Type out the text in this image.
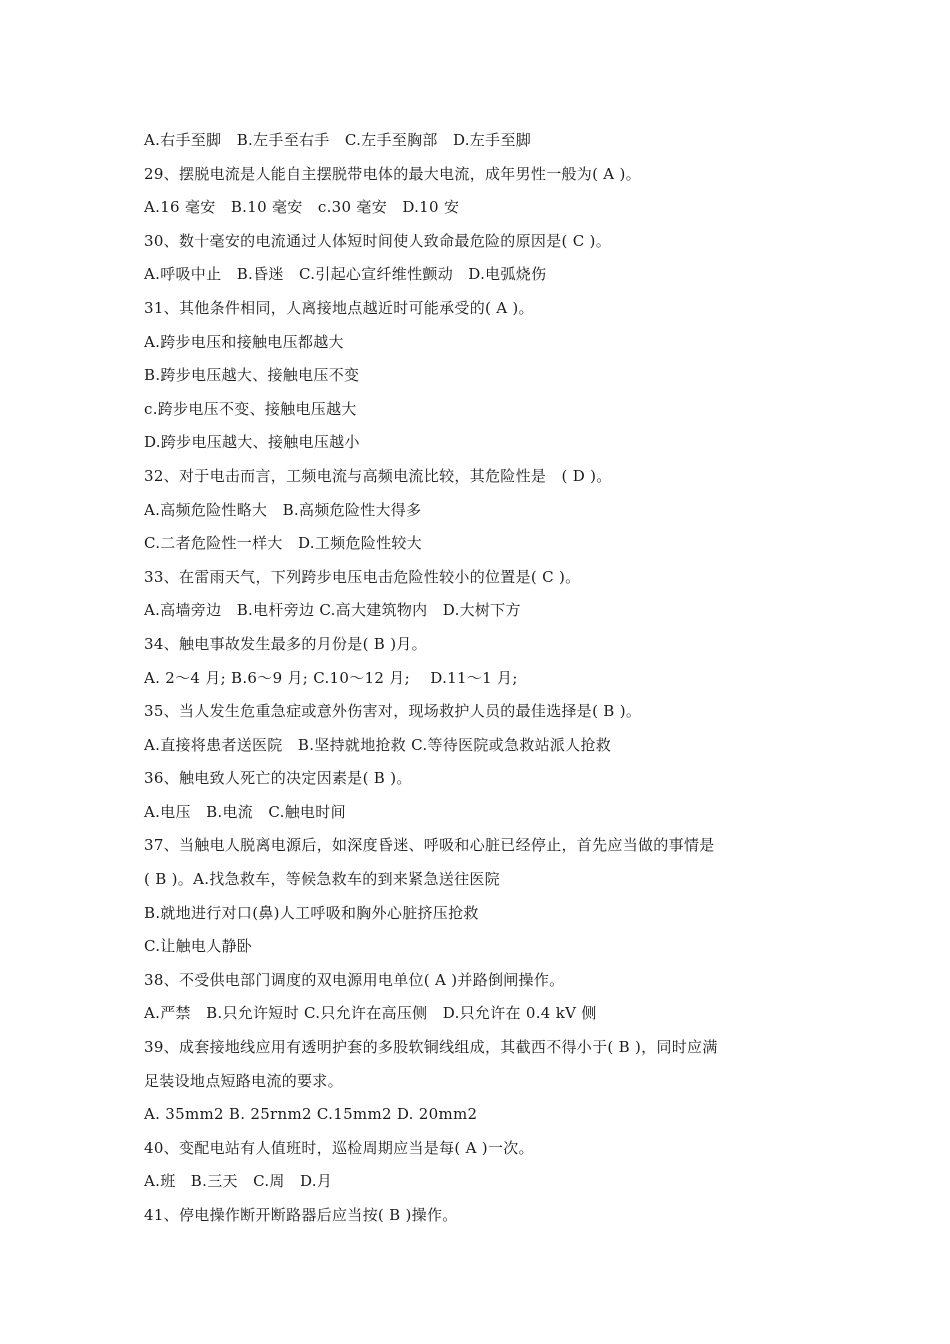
A.右手至脚　B.左手至右手　C.左手至胸部　D.左手至脚
29、摆脱电流是人能自主摆脱带电体的最大电流，成年男性一般为( A )。
A.16 毫安　B.10 毫安　c.30 毫安　D.10 安
30、数十毫安的电流通过人体短时间使人致命最危险的原因是( C )。
A.呼吸中止　B.昏迷　C.引起心宣纤维性颤动　D.电弧烧伤
31、其他条件相同，人离接地点越近时可能承受的( A )。
A.跨步电压和接触电压都越大
B.跨步电压越大、接触电压不变
c.跨步电压不变、接触电压越大
D.跨步电压越大、接触电压越小
32、对于电击而言，工频电流与高频电流比较，其危险性是　( D )。
A.高频危险性略大　B.高频危险性大得多
C.二者危险性一样大　D.工频危险性较大
33、在雷雨天气，下列跨步电压电击危险性较小的位置是( C )。
A.高墙旁边　B.电杆旁边 C.高大建筑物内　D.大树下方
34、触电事故发生最多的月份是( B )月。
A. 2～4 月; B.6～9 月; C.10～12 月;　 D.11～1 月;
35、当人发生危重急症或意外伤害对，现场救护人员的最佳选择是( B )。
A.直接将患者送医院　B.坚持就地抢救 C.等待医院或急救站派人抢救
36、触电致人死亡的决定因素是( B )。
A.电压　B.电流　C.触电时间
37、当触电人脱离电源后，如深度昏迷、呼吸和心脏已经停止，首先应当做的事情是
( B )。A.找急救车，等候急救车的到来紧急送往医院
B.就地进行对口(鼻)人工呼吸和胸外心脏挤压抢救
C.让触电人静卧
38、不受供电部门调度的双电源用电单位( A )并路倒闸操作。
A.严禁　B.只允许短时 C.只允许在高压侧　D.只允许在 0.4 kV 侧
39、成套接地线应用有透明护套的多股软铜线组成，其截西不得小于( B )，同时应满
足装设地点短路电流的要求。
A. 35mm2 B. 25rnm2 C.15mm2 D. 20mm2
40、变配电站有人值班时，巡检周期应当是每( A )一次。
A.班　B.三天　C.周　D.月
41、停电操作断开断路器后应当按( B )操作。
